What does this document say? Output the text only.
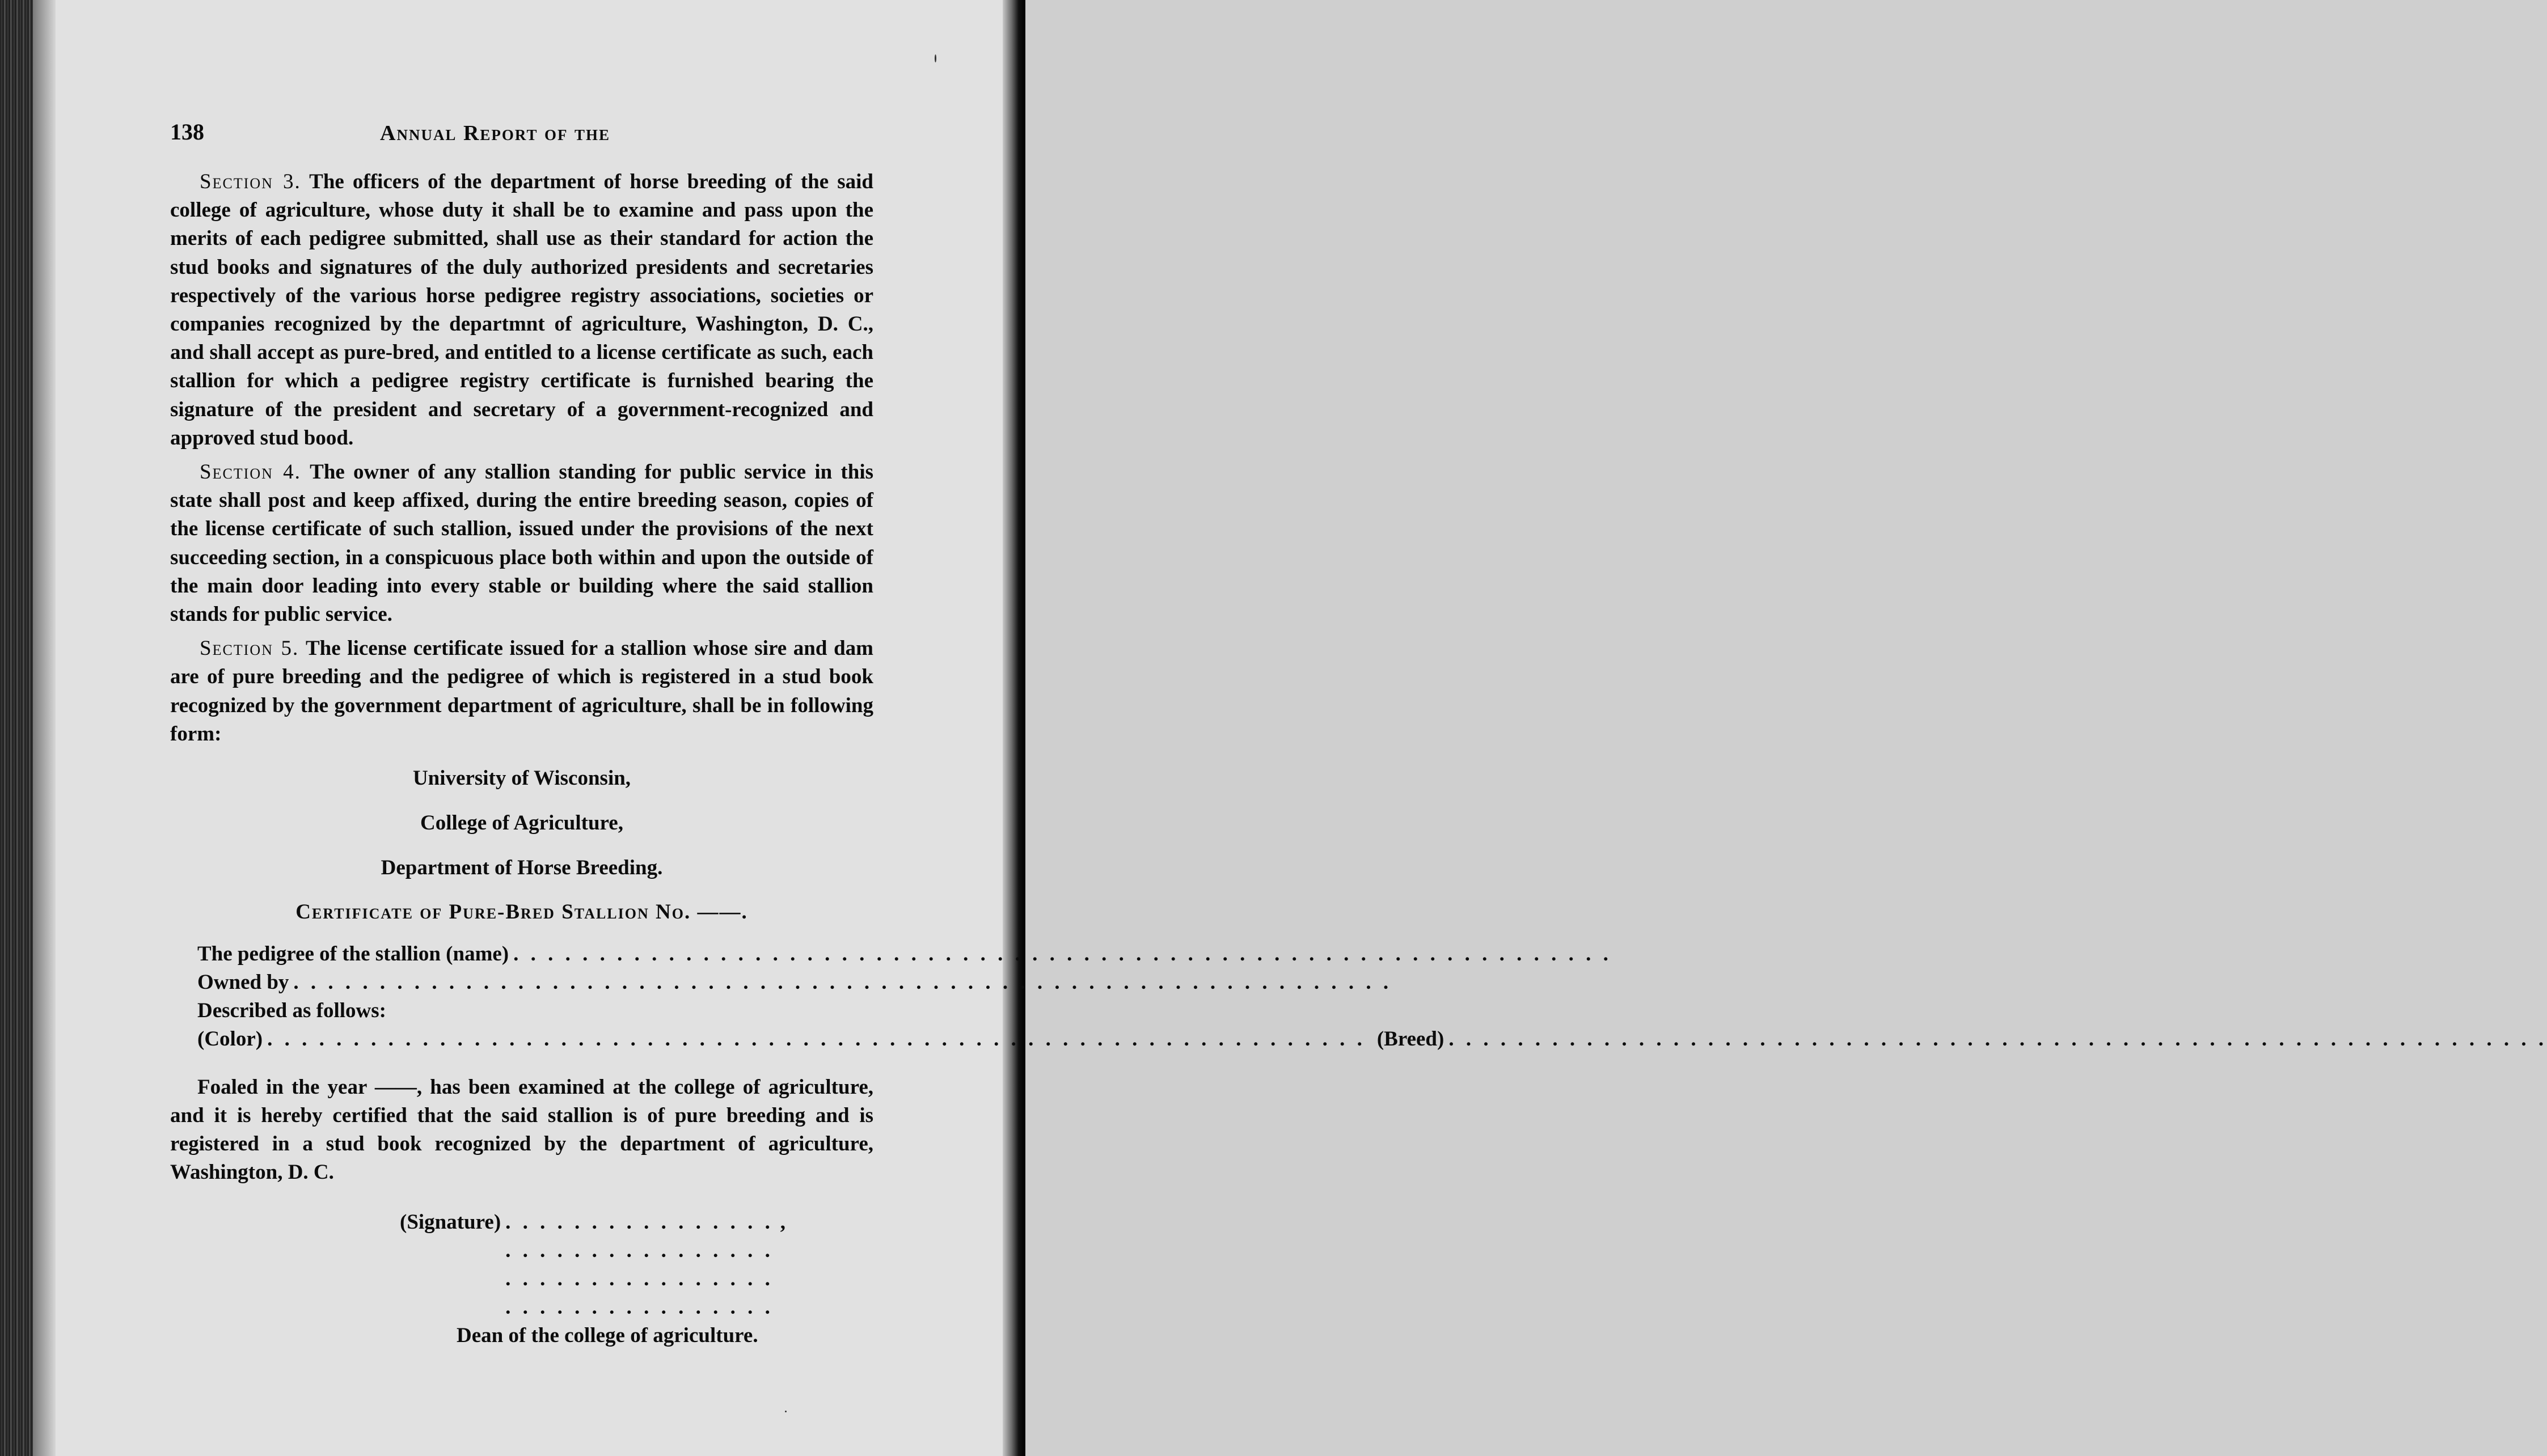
138	Annual Report of the

Section 3. The officers of the department of horse breeding of the said college of agriculture, whose duty it shall be to examine and pass upon the merits of each pedigree submitted, shall use as their standard for action the stud books and signatures of the duly authorized presidents and secretaries respectively of the various horse pedigree registry associations, societies or companies recognized by the departmnt of agriculture, Washington, D. C., and shall accept as pure-bred, and entitled to a license certificate as such, each stallion for which a pedigree registry certificate is furnished bearing the signature of the president and secretary of a government-recognized and approved stud bood.

Section 4. The owner of any stallion standing for public service in this state shall post and keep affixed, during the entire breeding season, copies of the license certificate of such stallion, issued under the provisions of the next succeeding section, in a conspicuous place both within and upon the outside of the main door leading into every stable or building where the said stallion stands for public service.

Section 5. The license certificate issued for a stallion whose sire and dam are of pure breeding and the pedigree of which is registered in a stud book recognized by the government department of agriculture, shall be in following form:

University of Wisconsin,
College of Agriculture,
Department of Horse Breeding.
Certificate of Pure-Bred Stallion No. ——.
The pedigree of the stallion (name)
. . .
Owned by
. . .
Described as follows:
(Color) . . .	(Breed)
. . .

Foaled in the year ——, has been examined at the college of agriculture, and it is hereby certified that the said stallion is of pure breeding and is registered in a stud book recognized by the department of agriculture, Washington, D. C.

(Signature) . . .	,
Dean of the college of agriculture.
